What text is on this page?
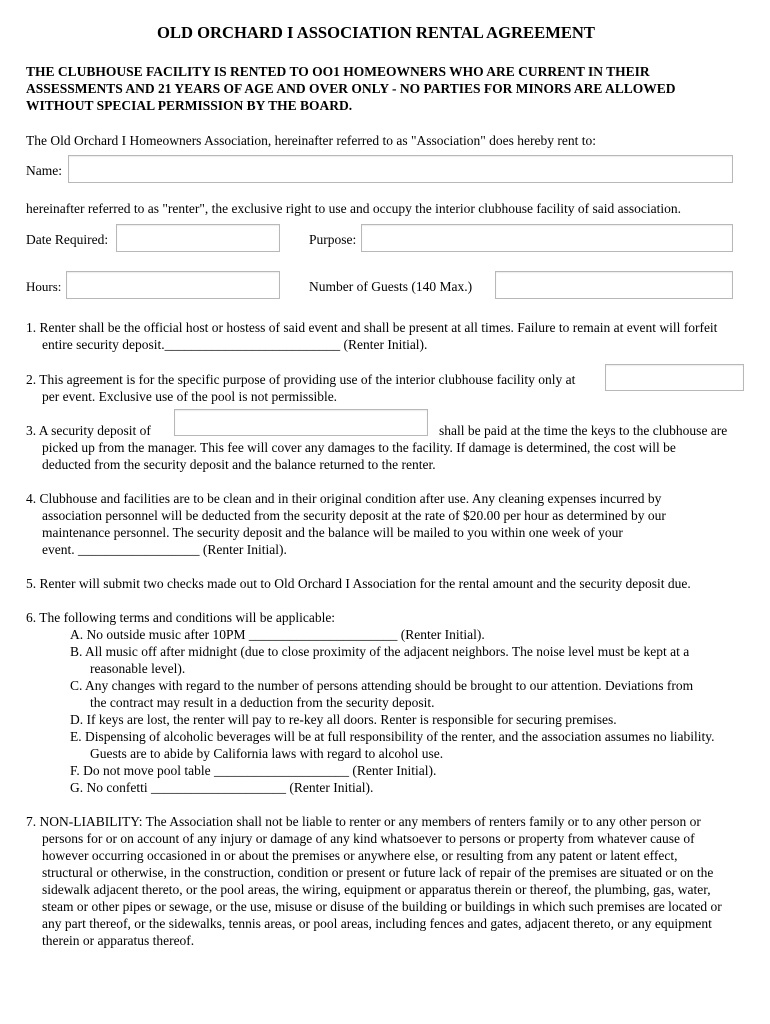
OLD ORCHARD I ASSOCIATION RENTAL AGREEMENT
THE CLUBHOUSE FACILITY IS RENTED TO OO1 HOMEOWNERS WHO ARE CURRENT IN THEIR
ASSESSMENTS AND 21 YEARS OF AGE AND OVER ONLY - NO PARTIES FOR MINORS ARE ALLOWED
WITHOUT SPECIAL PERMISSION BY THE BOARD.
The Old Orchard I Homeowners Association, hereinafter referred to as "Association" does hereby rent to:
Name:
hereinafter referred to as "renter", the exclusive right to use and occupy the interior clubhouse facility of said association.
Date Required:	Purpose:
Hours:	Number of Guests (140 Max.)
1. Renter shall be the official host or hostess of said event and shall be present at all times. Failure to remain at event will forfeit
entire security deposit.__________________________ (Renter Initial).
2. This agreement is for the specific purpose of providing use of the interior clubhouse facility only at
per event. Exclusive use of the pool is not permissible.
3. A security deposit of	shall be paid at the time the keys to the clubhouse are
picked up from the manager. This fee will cover any damages to the facility. If damage is determined, the cost will be
deducted from the security deposit and the balance returned to the renter.
4. Clubhouse and facilities are to be clean and in their original condition after use. Any cleaning expenses incurred by
association personnel will be deducted from the security deposit at the rate of $20.00 per hour as determined by our
maintenance personnel. The security deposit and the balance will be mailed to you within one week of your
event. __________________ (Renter Initial).
5. Renter will submit two checks made out to Old Orchard I Association for the rental amount and the security deposit due.
6. The following terms and conditions will be applicable:
A. No outside music after 10PM ______________________ (Renter Initial).
B. All music off after midnight (due to close proximity of the adjacent neighbors. The noise level must be kept at a
reasonable level).
C. Any changes with regard to the number of persons attending should be brought to our attention. Deviations from
the contract may result in a deduction from the security deposit.
D. If keys are lost, the renter will pay to re-key all doors. Renter is responsible for securing premises.
E. Dispensing of alcoholic beverages will be at full responsibility of the renter, and the association assumes no liability.
Guests are to abide by California laws with regard to alcohol use.
F. Do not move pool table ____________________ (Renter Initial).
G. No confetti ____________________ (Renter Initial).
7. NON-LIABILITY: The Association shall not be liable to renter or any members of renters family or to any other person or
persons for or on account of any injury or damage of any kind whatsoever to persons or property from whatever cause of
however occurring occasioned in or about the premises or anywhere else, or resulting from any patent or latent effect,
structural or otherwise, in the construction, condition or present or future lack of repair of the premises are situated or on the
sidewalk adjacent thereto, or the pool areas, the wiring, equipment or apparatus therein or thereof, the plumbing, gas, water,
steam or other pipes or sewage, or the use, misuse or disuse of the building or buildings in which such premises are located or
any part thereof, or the sidewalks, tennis areas, or pool areas, including fences and gates, adjacent thereto, or any equipment
therein or apparatus thereof.
